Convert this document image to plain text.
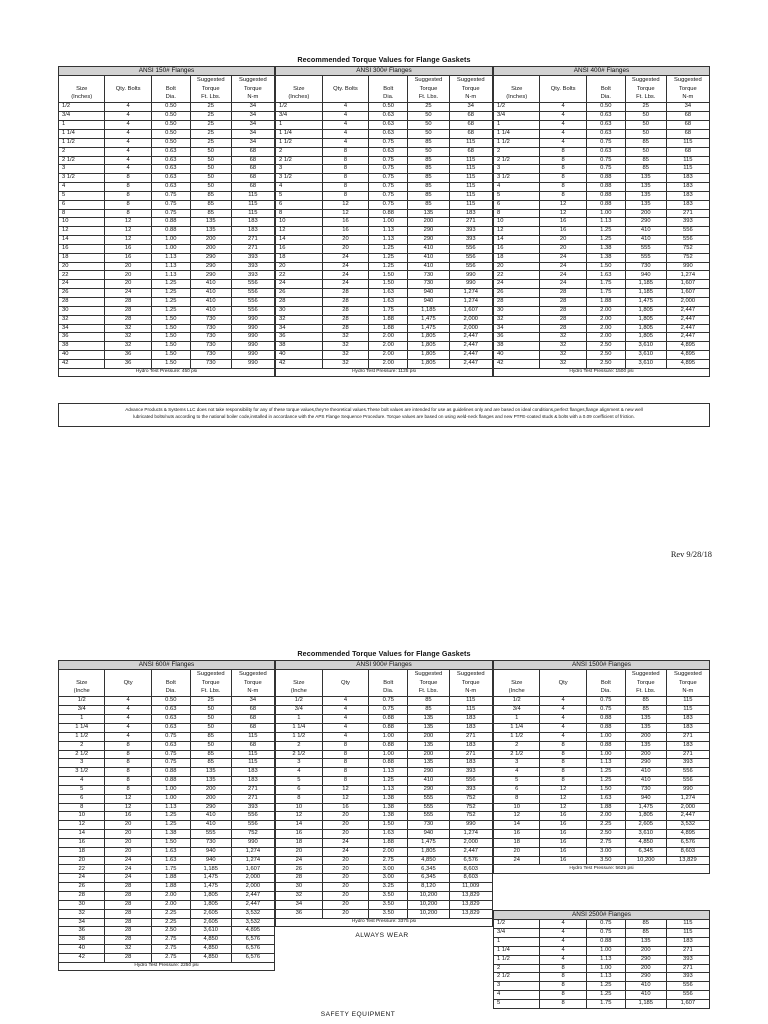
Recommended Torque Values for Flange Gaskets
ANSI 150# Flanges				
			Suggested	Suggested
Size	Qty. Bolts	Bolt	Torque	Torque
(Inches)		Dia.	Ft. Lbs.	N-m
1/2	4	0.50	25	34
3/4	4	0.50	25	34
1	4	0.50	25	34
1 1/4	4	0.50	25	34
1 1/2	4	0.50	25	34
2	4	0.63	50	68
2 1/2	4	0.63	50	68
3	4	0.63	50	68
3 1/2	8	0.63	50	68
4	8	0.63	50	68
5	8	0.75	85	115
6	8	0.75	85	115
8	8	0.75	85	115
10	12	0.88	135	183
12	12	0.88	135	183
14	12	1.00	200	271
16	16	1.00	200	271
18	16	1.13	290	393
20	20	1.13	290	393
22	20	1.13	290	393
24	20	1.25	410	556
26	24	1.25	410	556
28	28	1.25	410	556
30	28	1.25	410	556
32	28	1.50	730	990
34	32	1.50	730	990
36	32	1.50	730	990
38	32	1.50	730	990
40	36	1.50	730	990
42	36	1.50	730	990
Hydro Test Pressure: 450 psi				
ANSI 300# Flanges				
			Suggested	Suggested
Size	Qty. Bolts	Bolt	Torque	Torque
(Inches)		Dia.	Ft. Lbs.	N-m
1/2	4	0.50	25	34
3/4	4	0.63	50	68
1	4	0.63	50	68
1 1/4	4	0.63	50	68
1 1/2	4	0.75	85	115
2	8	0.63	50	68
2 1/2	8	0.75	85	115
3	8	0.75	85	115
3 1/2	8	0.75	85	115
4	8	0.75	85	115
5	8	0.75	85	115
6	12	0.75	85	115
8	12	0.88	135	183
10	16	1.00	200	271
12	16	1.13	290	393
14	20	1.13	290	393
16	20	1.25	410	556
18	24	1.25	410	556
20	24	1.25	410	556
22	24	1.50	730	990
24	24	1.50	730	990
26	28	1.63	940	1,274
28	28	1.63	940	1,274
30	28	1.75	1,185	1,607
32	28	1.88	1,475	2,000
34	28	1.88	1,475	2,000
36	32	2.00	1,805	2,447
38	32	2.00	1,805	2,447
40	32	2.00	1,805	2,447
42	32	2.00	1,805	2,447
Hydro Test Pressure: 1125 psi				
ANSI 400# Flanges				
			Suggested	Suggested
Size	Qty. Bolts	Bolt	Torque	Torque
(Inches)		Dia.	Ft. Lbs.	N-m
1/2	4	0.50	25	34
3/4	4	0.63	50	68
1	4	0.63	50	68
1 1/4	4	0.63	50	68
1 1/2	4	0.75	85	115
2	8	0.63	50	68
2 1/2	8	0.75	85	115
3	8	0.75	85	115
3 1/2	8	0.88	135	183
4	8	0.88	135	183
5	8	0.88	135	183
6	12	0.88	135	183
8	12	1.00	200	271
10	16	1.13	290	393
12	16	1.25	410	556
14	20	1.25	410	556
16	20	1.38	555	752
18	24	1.38	555	752
20	24	1.50	730	990
22	24	1.63	940	1,274
24	24	1.75	1,185	1,607
26	28	1.75	1,185	1,607
28	28	1.88	1,475	2,000
30	28	2.00	1,805	2,447
32	28	2.00	1,805	2,447
34	28	2.00	1,805	2,447
36	32	2.00	1,805	2,447
38	32	2.50	3,610	4,895
40	32	2.50	3,610	4,895
42	32	2.50	3,610	4,895
Hydro Test Pressure: 1500 psi				
Advance Products & Systems LLC does not take responsibility for any of these torque values,they're theoretical values.These bolt values are intended for use as guidelines only and are based on ideal conditions,perfect flanges,flange alignment & new well
lubricated bolts/nuts according to the national boiler code,installed in accordance with the APS Flange Sequence Procedure. Torque values are based on using weld-neck flanges and new PTFE-coated studs & bolts with a 0.09 coefficient of friction.
Rev 9/28/18
Recommended Torque Values for Flange Gaskets
ANSI 600# Flanges				
			Suggested	Suggested
Size	Qty	Bolt	Torque	Torque
(Inche		Dia.	Ft. Lbs.	N-m
1/2	4	0.50	25	34
3/4	4	0.63	50	68
1	4	0.63	50	68
1 1/4	4	0.63	50	68
1 1/2	4	0.75	85	115
2	8	0.63	50	68
2 1/2	8	0.75	85	115
3	8	0.75	85	115
3 1/2	8	0.88	135	183
4	8	0.88	135	183
5	8	1.00	200	271
6	12	1.00	200	271
8	12	1.13	290	393
10	16	1.25	410	556
12	20	1.25	410	556
14	20	1.38	555	752
16	20	1.50	730	990
18	20	1.63	940	1,274
20	24	1.63	940	1,274
22	24	1.75	1,185	1,607
24	24	1.88	1,475	2,000
26	28	1.88	1,475	2,000
28	28	2.00	1,805	2,447
30	28	2.00	1,805	2,447
32	28	2.25	2,605	3,532
34	28	2.25	2,605	3,532
36	28	2.50	3,610	4,895
38	28	2.75	4,850	6,576
40	32	2.75	4,850	6,576
42	28	2.75	4,850	6,576
Hydro Test Pressure: 2250 psi				
ANSI 900# Flanges				
			Suggested	Suggested
Size	Qty	Bolt	Torque	Torque
(Inche		Dia.	Ft. Lbs.	N-m
1/2	4	0.75	85	115
3/4	4	0.75	85	115
1	4	0.88	135	183
1 1/4	4	0.88	135	183
1 1/2	4	1.00	200	271
2	8	0.88	135	183
2 1/2	8	1.00	200	271
3	8	0.88	135	183
4	8	1.13	290	393
5	8	1.25	410	556
6	12	1.13	290	393
8	12	1.38	555	752
10	16	1.38	555	752
12	20	1.38	555	752
14	20	1.50	730	990
16	20	1.63	940	1,274
18	24	1.88	1,475	2,000
20	24	2.00	1,805	2,447
24	20	2.75	4,850	6,576
26	20	3.00	6,345	8,603
28	20	3.00	6,345	8,603
30	20	3.25	8,120	11,009
32	20	3.50	10,200	13,829
34	20	3.50	10,200	13,829
36	20	3.50	10,200	13,829
Hydro Test Pressure: 3375 psi				
ANSI 1500# Flanges				
			Suggested	Suggested
Size	Qty	Bolt	Torque	Torque
(Inche		Dia.	Ft. Lbs.	N-m
1/2	4	0.75	85	115
3/4	4	0.75	85	115
1	4	0.88	135	183
1 1/4	4	0.88	135	183
1 1/2	4	1.00	200	271
2	8	0.88	135	183
2 1/2	8	1.00	200	271
3	8	1.13	290	393
4	8	1.25	410	556
5	8	1.25	410	556
6	12	1.50	730	990
8	12	1.63	940	1,274
10	12	1.88	1,475	2,000
12	16	2.00	1,805	2,447
14	16	2.25	2,605	3,532
16	16	2.50	3,610	4,895
18	16	2.75	4,850	6,576
20	16	3.00	6,345	8,603
24	16	3.50	10,200	13,829
Hydro Test Pressure: 5625 psi				
ANSI 2500# Flanges				
1/2	4	0.75	85	115
3/4	4	0.75	85	115
1	4	0.88	135	183
1 1/4	4	1.00	200	271
1 1/2	4	1.13	290	393
2	8	1.00	200	271
2 1/2	8	1.13	290	393
3	8	1.25	410	556
4	8	1.25	410	556
5	8	1.75	1,185	1,607
ALWAYS WEAR
SAFETY EQUIPMENT
